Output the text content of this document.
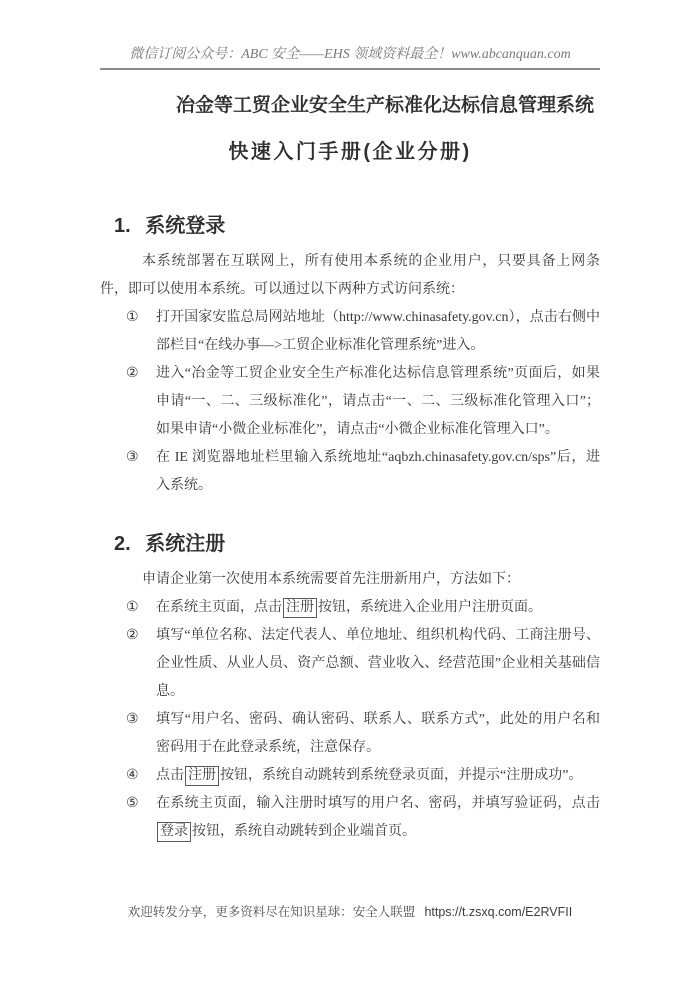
微信订阅公众号：ABC 安全——EHS 领域资料最全！www.abcanquan.com
冶金等工贸企业安全生产标准化达标信息管理系统
快速入门手册(企业分册)
1. 系统登录

本系统部署在互联网上，所有使用本系统的企业用户，只要具备上网条件，即可以使用本系统。可以通过以下两种方式访问系统：

① 打开国家安监总局网站地址（http://www.chinasafety.gov.cn），点击右侧中部栏目“在线办事—>工贸企业标准化管理系统”进入。
② 进入“冶金等工贸企业安全生产标准化达标信息管理系统”页面后，如果申请“一、二、三级标准化”，请点击“一、二、三级标准化管理入口”；如果申请“小微企业标准化”，请点击“小微企业标准化管理入口”。
③ 在 IE 浏览器地址栏里输入系统地址“aqbzh.chinasafety.gov.cn/sps”后，进入系统。
2. 系统注册

申请企业第一次使用本系统需要首先注册新用户，方法如下：

① 在系统主页面，点击 注册 按钮，系统进入企业用户注册页面。
② 填写“单位名称、法定代表人、单位地址、组织机构代码、工商注册号、企业性质、从业人员、资产总额、营业收入、经营范围”企业相关基础信息。
③ 填写“用户名、密码、确认密码、联系人、联系方式”，此处的用户名和密码用于在此登录系统，注意保存。
④ 点击 注册 按钮，系统自动跳转到系统登录页面，并提示“注册成功”。
⑤ 在系统主页面，输入注册时填写的用户名、密码，并填写验证码，点击登录 按钮，系统自动跳转到企业端首页。
欢迎转发分享，更多资料尽在知识星球：安全人联盟 https://t.zsxq.com/E2RVFII
